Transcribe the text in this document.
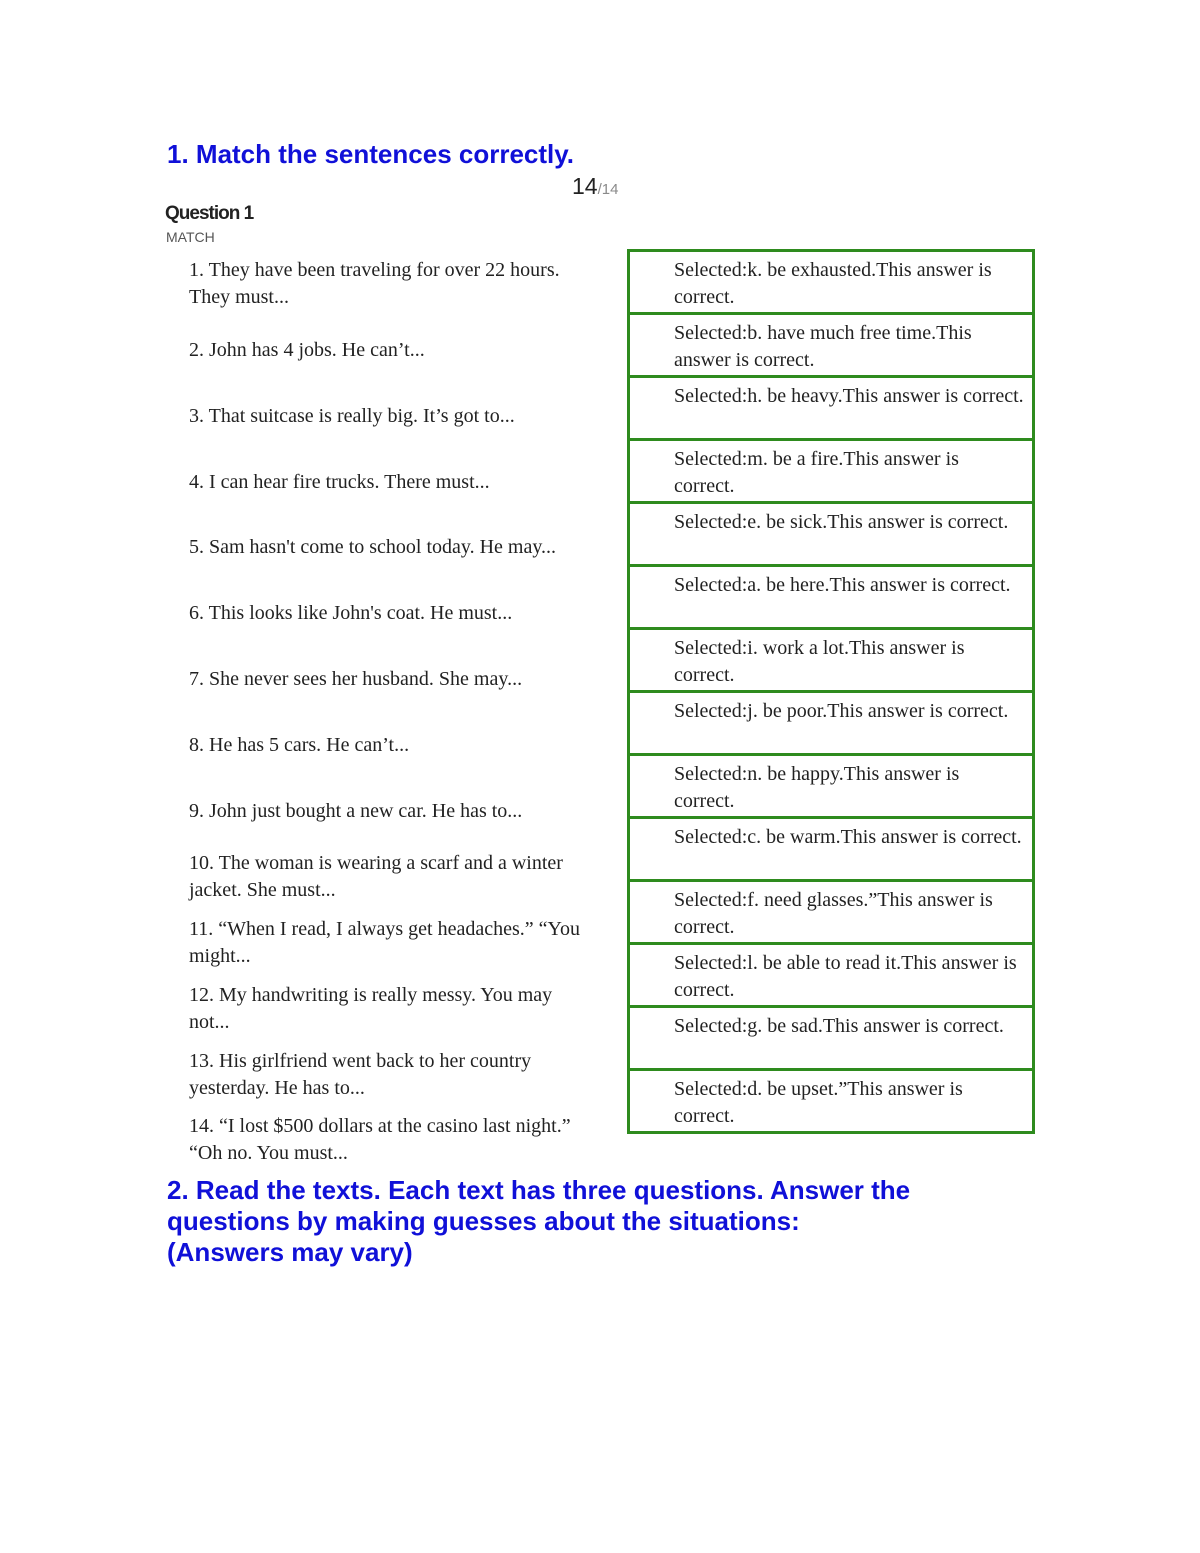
1. Match the sentences correctly.
14/14
Question 1
MATCH
1. They have been traveling for over 22 hours. They must...
2. John has 4 jobs. He can’t...
3. That suitcase is really big. It’s got to...
4. I can hear fire trucks. There must...
5. Sam hasn't come to school today. He may...
6. This looks like John's coat. He must...
7. She never sees her husband. She may...
8. He has 5 cars. He can’t...
9. John just bought a new car. He has to...
10. The woman is wearing a scarf and a winter jacket. She must...
11. “When I read, I always get headaches.” “You might...
12. My handwriting is really messy. You may not...
13. His girlfriend went back to her country yesterday. He has to...
14. “I lost $500 dollars at the casino last night.” “Oh no. You must...
Selected:k. be exhausted.This answer is correct.
Selected:b. have much free time.This answer is correct.
Selected:h. be heavy.This answer is correct.
Selected:m. be a fire.This answer is correct.
Selected:e. be sick.This answer is correct.
Selected:a. be here.This answer is correct.
Selected:i. work a lot.This answer is correct.
Selected:j. be poor.This answer is correct.
Selected:n. be happy.This answer is correct.
Selected:c. be warm.This answer is correct.
Selected:f. need glasses.”This answer is correct.
Selected:l. be able to read it.This answer is correct.
Selected:g. be sad.This answer is correct.
Selected:d. be upset.”This answer is correct.
2. Read the texts. Each text has three questions. Answer the
questions by making guesses about the situations:
(Answers may vary)
